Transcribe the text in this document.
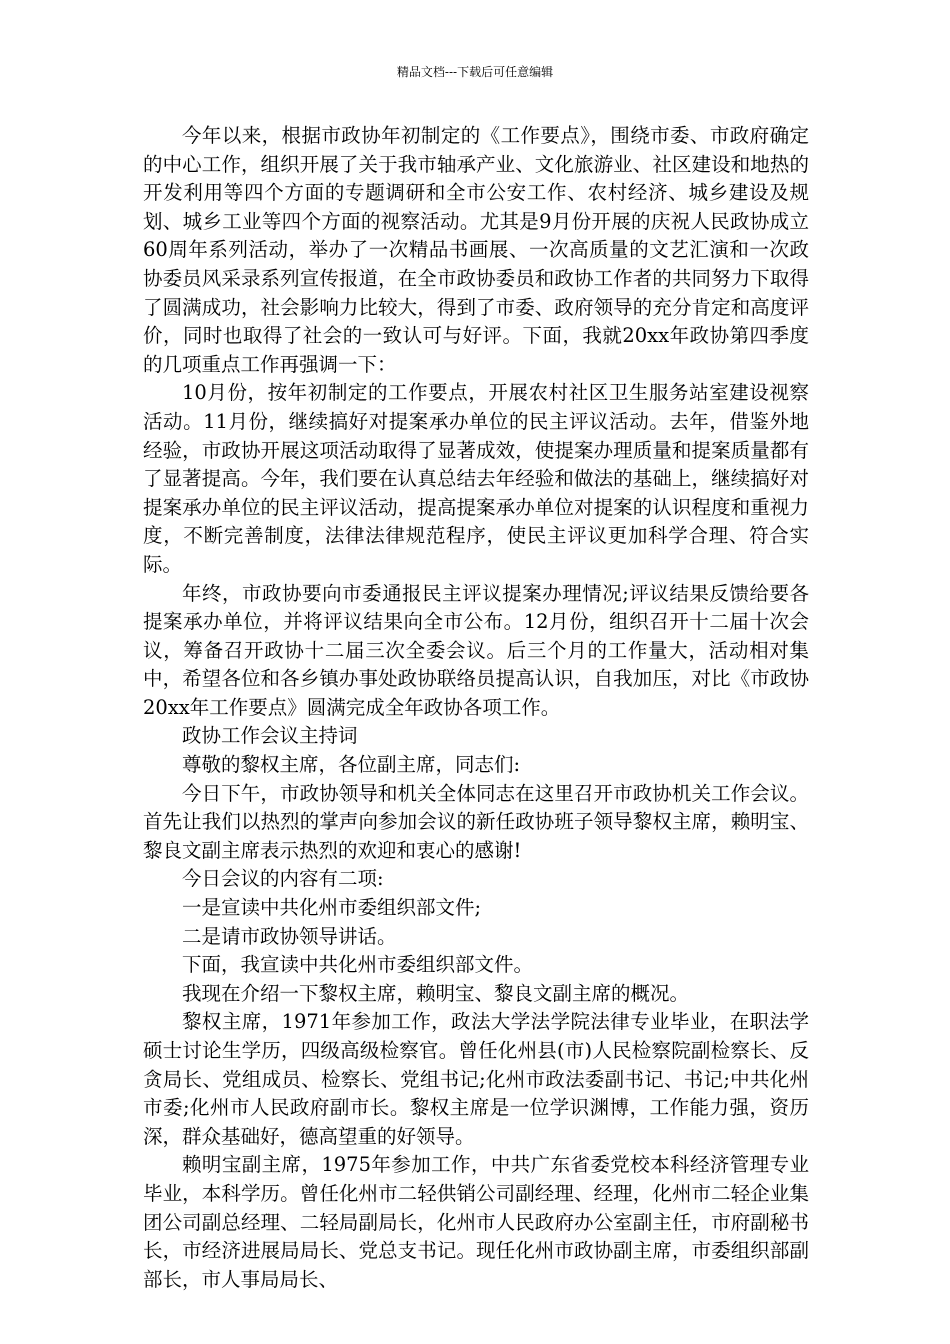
精品文档---下载后可任意编辑

今年以来，根据市政协年初制定的《工作要点》，围绕市委、市政府确定的中心工作，组织开展了关于我市轴承产业、文化旅游业、社区建设和地热的开发利用等四个方面的专题调研和全市公安工作、农村经济、城乡建设及规划、城乡工业等四个方面的视察活动。尤其是9月份开展的庆祝人民政协成立60周年系列活动，举办了一次精品书画展、一次高质量的文艺汇演和一次政协委员风采录系列宣传报道，在全市政协委员和政协工作者的共同努力下取得了圆满成功，社会影响力比较大，得到了市委、政府领导的充分肯定和高度评价，同时也取得了社会的一致认可与好评。下面，我就20xx年政协第四季度的几项重点工作再强调一下：

10月份，按年初制定的工作要点，开展农村社区卫生服务站室建设视察活动。11月份，继续搞好对提案承办单位的民主评议活动。去年，借鉴外地经验，市政协开展这项活动取得了显著成效，使提案办理质量和提案质量都有了显著提高。今年，我们要在认真总结去年经验和做法的基础上，继续搞好对提案承办单位的民主评议活动，提高提案承办单位对提案的认识程度和重视力度，不断完善制度，法律法律规范程序，使民主评议更加科学合理、符合实际。

年终，市政协要向市委通报民主评议提案办理情况;评议结果反馈给要各提案承办单位，并将评议结果向全市公布。12月份，组织召开十二届十次会议，筹备召开政协十二届三次全委会议。后三个月的工作量大，活动相对集中，希望各位和各乡镇办事处政协联络员提高认识，自我加压，对比《市政协20xx年工作要点》圆满完成全年政协各项工作。

政协工作会议主持词

尊敬的黎权主席，各位副主席，同志们:

今日下午，市政协领导和机关全体同志在这里召开市政协机关工作会议。首先让我们以热烈的掌声向参加会议的新任政协班子领导黎权主席，赖明宝、黎良文副主席表示热烈的欢迎和衷心的感谢!

今日会议的内容有二项:

一是宣读中共化州市委组织部文件;

二是请市政协领导讲话。

下面，我宣读中共化州市委组织部文件。

我现在介绍一下黎权主席，赖明宝、黎良文副主席的概况。

黎权主席，1971年参加工作，政法大学法学院法律专业毕业，在职法学硕士讨论生学历，四级高级检察官。曾任化州县(市)人民检察院副检察长、反贪局长、党组成员、检察长、党组书记;化州市政法委副书记、书记;中共化州市委;化州市人民政府副市长。黎权主席是一位学识渊博，工作能力强，资历深，群众基础好，德高望重的好领导。

赖明宝副主席，1975年参加工作，中共广东省委党校本科经济管理专业毕业，本科学历。曾任化州市二轻供销公司副经理、经理，化州市二轻企业集团公司副总经理、二轻局副局长，化州市人民政府办公室副主任，市府副秘书长，市经济进展局局长、党总支书记。现任化州市政协副主席，市委组织部副部长，市人事局局长、
